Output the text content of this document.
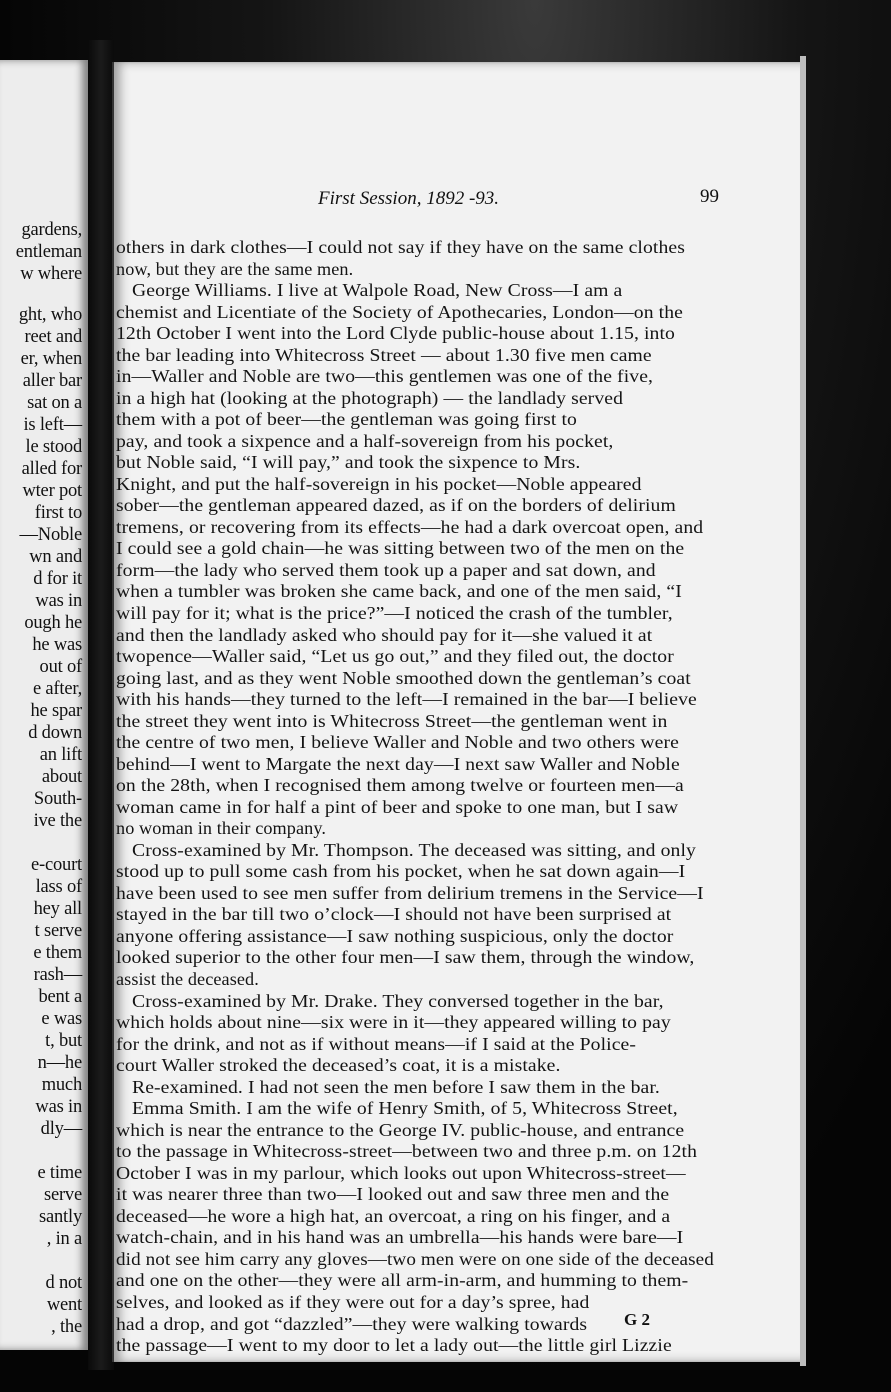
gardens,
entleman
w where
ght, who
reet and
er, when
aller bar
sat on a
is left—
le stood
alled for
wter pot
first to
—Noble
wn and
d for it
was in
ough he
he was
out of
e after,
he spar
d down
an lift
about
South-
ive the
e-court
lass of
hey all
t serve
e them
rash—
bent a
e was
t, but
n—he
much
was in
dly—
e time
serve
santly
, in a
d not
went
, the
First Session, 1892 -93.	99
others in dark clothes—I could not say if they have on the same clothes
now, but they are the same men.
George Williams. I live at Walpole Road, New Cross—I am a
chemist and Licentiate of the Society of Apothecaries, London—on the
12th October I went into the Lord Clyde public-house about 1.15, into
the bar leading into Whitecross Street — about 1.30 five men came
in—Waller and Noble are two—this gentlemen was one of the five,
in a high hat (looking at the photograph) — the landlady served
them with a pot of beer—the gentleman was going first to
pay, and took a sixpence and a half-sovereign from his pocket,
but Noble said, “I will pay,” and took the sixpence to Mrs.
Knight, and put the half-sovereign in his pocket—Noble appeared
sober—the gentleman appeared dazed, as if on the borders of delirium
tremens, or recovering from its effects—he had a dark overcoat open, and
I could see a gold chain—he was sitting between two of the men on the
form—the lady who served them took up a paper and sat down, and
when a tumbler was broken she came back, and one of the men said, “I
will pay for it; what is the price?”—I noticed the crash of the tumbler,
and then the landlady asked who should pay for it—she valued it at
twopence—Waller said, “Let us go out,” and they filed out, the doctor
going last, and as they went Noble smoothed down the gentleman’s coat
with his hands—they turned to the left—I remained in the bar—I believe
the street they went into is Whitecross Street—the gentleman went in
the centre of two men, I believe Waller and Noble and two others were
behind—I went to Margate the next day—I next saw Waller and Noble
on the 28th, when I recognised them among twelve or fourteen men—a
woman came in for half a pint of beer and spoke to one man, but I saw
no woman in their company.
Cross-examined by Mr. Thompson. The deceased was sitting, and only
stood up to pull some cash from his pocket, when he sat down again—I
have been used to see men suffer from delirium tremens in the Service—I
stayed in the bar till two o’clock—I should not have been surprised at
anyone offering assistance—I saw nothing suspicious, only the doctor
looked superior to the other four men—I saw them, through the window,
assist the deceased.
Cross-examined by Mr. Drake. They conversed together in the bar,
which holds about nine—six were in it—they appeared willing to pay
for the drink, and not as if without means—if I said at the Police-
court Waller stroked the deceased’s coat, it is a mistake.
Re-examined. I had not seen the men before I saw them in the bar.
Emma Smith. I am the wife of Henry Smith, of 5, Whitecross Street,
which is near the entrance to the George IV. public-house, and entrance
to the passage in Whitecross-street—between two and three p.m. on 12th
October I was in my parlour, which looks out upon Whitecross-street—
it was nearer three than two—I looked out and saw three men and the
deceased—he wore a high hat, an overcoat, a ring on his finger, and a
watch-chain, and in his hand was an umbrella—his hands were bare—I
did not see him carry any gloves—two men were on one side of the deceased
and one on the other—they were all arm-in-arm, and humming to them-
selves, and looked as if they were out for a day’s spree, had
had a drop, and got “dazzled”—they were walking towards
the passage—I went to my door to let a lady out—the little girl Lizzie
G 2
